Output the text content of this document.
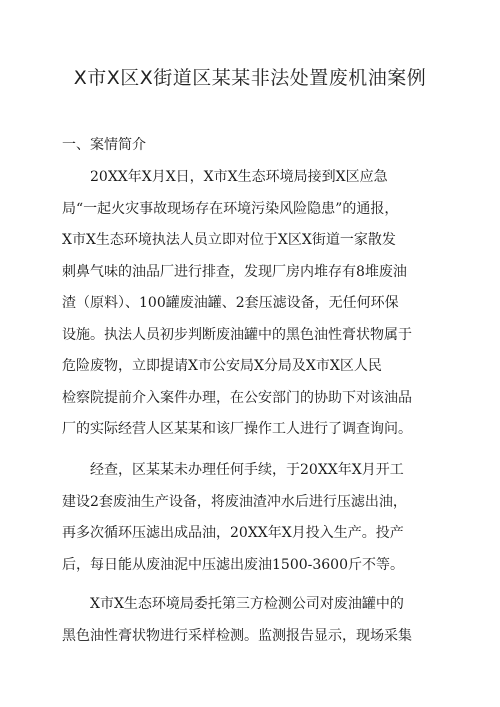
X市X区X街道区某某非法处置废机油案例
一、案情简介
20XX年X月X日，X市X生态环境局接到X区应急
局“一起火灾事故现场存在环境污染风险隐患”的通报，
X市X生态环境执法人员立即对位于X区X街道一家散发
刺鼻气味的油品厂进行排查，发现厂房内堆存有8堆废油
渣（原料）、100罐废油罐、2套压滤设备，无任何环保
设施。执法人员初步判断废油罐中的黑色油性膏状物属于
危险废物，立即提请X市公安局X分局及X市X区人民
检察院提前介入案件办理，在公安部门的协助下对该油品
厂的实际经营人区某某和该厂操作工人进行了调查询问。
经查，区某某未办理任何手续，于20XX年X月开工
建设2套废油生产设备，将废油渣冲水后进行压滤出油，
再多次循环压滤出成品油，20XX年X月投入生产。投产
后，每日能从废油泥中压滤出废油1500-3600斤不等。
X市X生态环境局委托第三方检测公司对废油罐中的
黑色油性膏状物进行采样检测。监测报告显示，现场采集
